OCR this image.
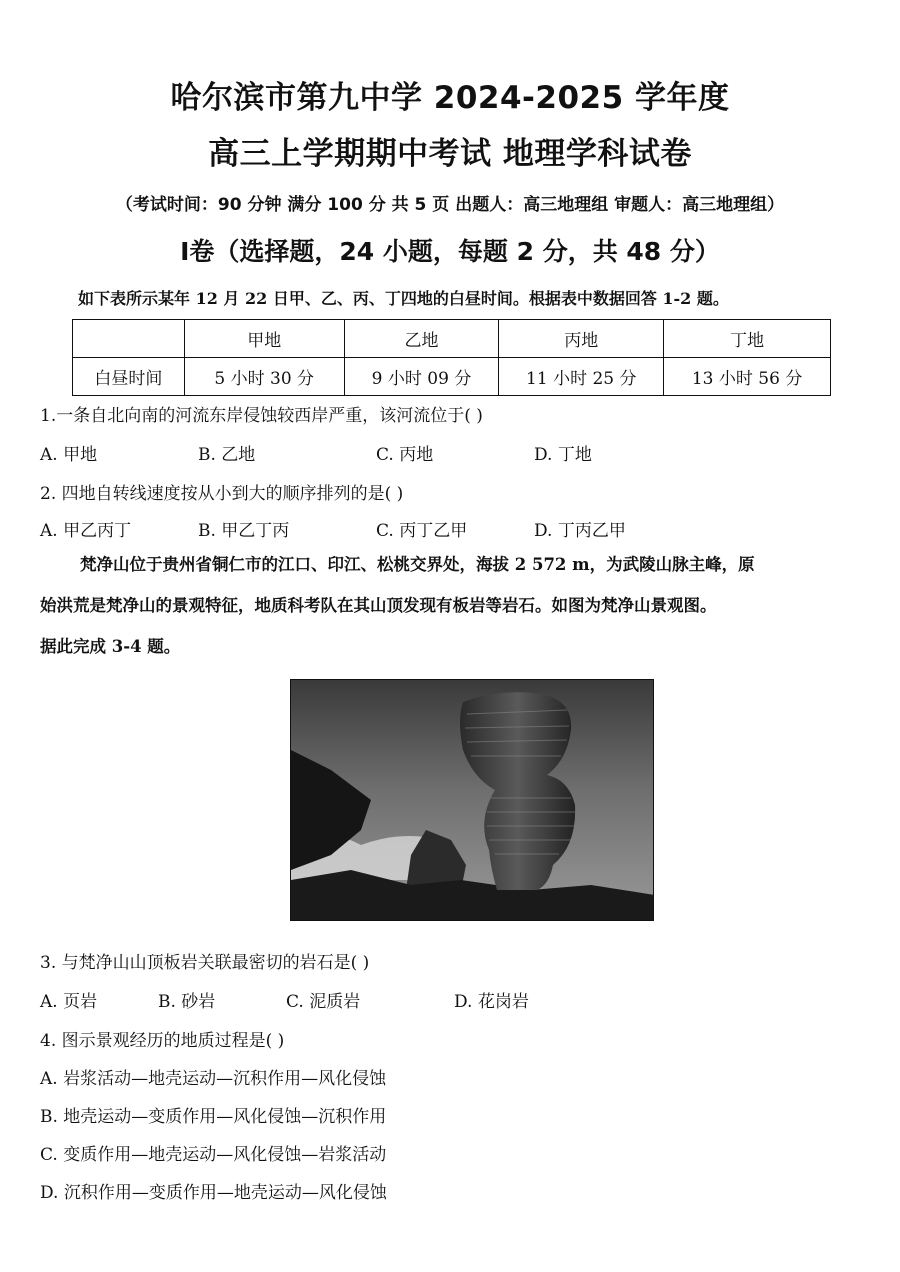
哈尔滨市第九中学 2024-2025 学年度
高三上学期期中考试 地理学科试卷
（考试时间：90 分钟 满分 100 分 共 5 页 出题人：高三地理组 审题人：高三地理组）
Ⅰ卷（选择题，24 小题，每题 2 分，共 48 分）
如下表所示某年 12 月 22 日甲、乙、丙、丁四地的白昼时间。根据表中数据回答 1-2 题。
	甲地	乙地	丙地	丁地
白昼时间	5 小时 30 分	9 小时 09 分	11 小时 25 分	13 小时 56 分
1.一条自北向南的河流东岸侵蚀较西岸严重，该河流位于( )
A. 甲地	B. 乙地	C. 丙地	D. 丁地
2. 四地自转线速度按从小到大的顺序排列的是( )
A. 甲乙丙丁	B. 甲乙丁丙	C. 丙丁乙甲	D. 丁丙乙甲
梵净山位于贵州省铜仁市的江口、印江、松桃交界处，海拔 2 572 m，为武陵山脉主峰，原
始洪荒是梵净山的景观特征，地质科考队在其山顶发现有板岩等岩石。如图为梵净山景观图。
据此完成 3-4 题。
3. 与梵净山山顶板岩关联最密切的岩石是( )
A. 页岩	B. 砂岩	C. 泥质岩	D. 花岗岩
4. 图示景观经历的地质过程是( )
A. 岩浆活动—地壳运动—沉积作用—风化侵蚀
B. 地壳运动—变质作用—风化侵蚀—沉积作用
C. 变质作用—地壳运动—风化侵蚀—岩浆活动
D. 沉积作用—变质作用—地壳运动—风化侵蚀
